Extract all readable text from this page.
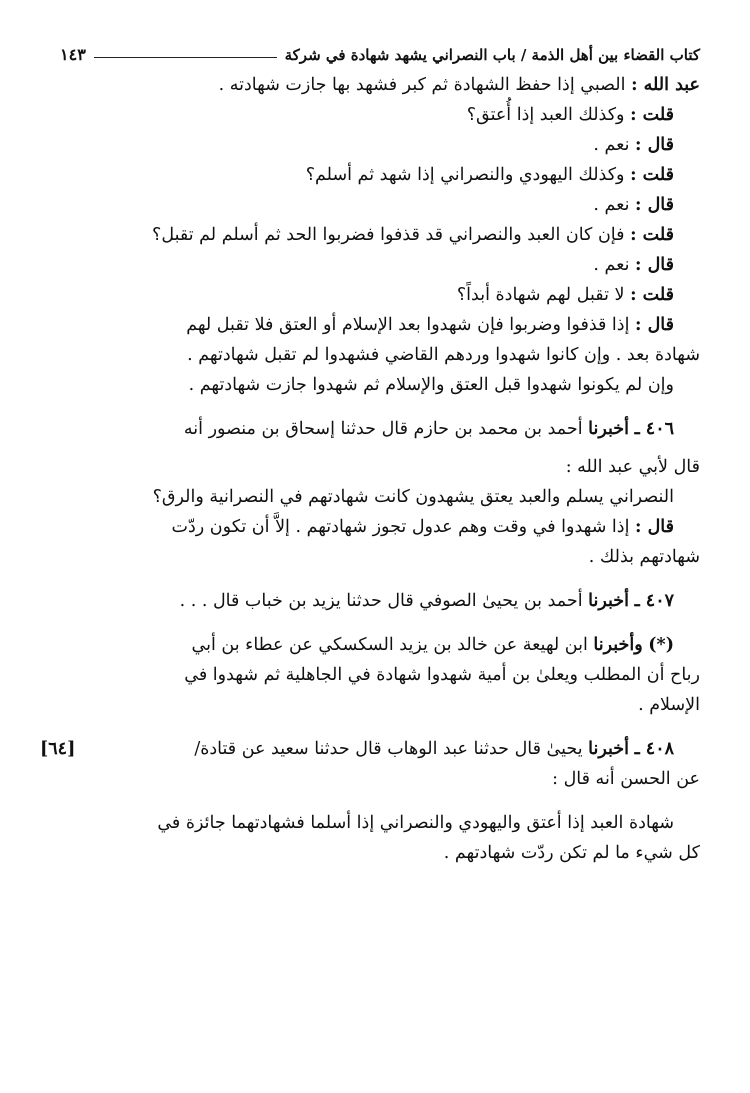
كتاب القضاء بين أهل الذمة / باب النصراني يشهد شهادة في شركة
١٤٣
عبد الله : الصبي إذا حفظ الشهادة ثم كبر فشهد بها جازت شهادته .
قلت : وكذلك العبد إذا أُعتق؟
قال : نعم .
قلت : وكذلك اليهودي والنصراني إذا شهد ثم أسلم؟
قال : نعم .
قلت : فإن كان العبد والنصراني قد قذفوا فضربوا الحد ثم أسلم لم تقبل؟
قال : نعم .
قلت : لا تقبل لهم شهادة أبداً؟
قال : إذا قذفوا وضربوا فإن شهدوا بعد الإسلام أو العتق فلا تقبل لهم
شهادة بعد . وإن كانوا شهدوا وردهم القاضي فشهدوا لم تقبل شهادتهم .
وإن لم يكونوا شهدوا قبل العتق والإسلام ثم شهدوا جازت شهادتهم .
٤٠٦ ـ أخبرنا أحمد بن محمد بن حازم قال حدثنا إسحاق بن منصور أنه
قال لأبي عبد الله :
النصراني يسلم والعبد يعتق يشهدون كانت شهادتهم في النصرانية والرق؟
قال : إذا شهدوا في وقت وهم عدول تجوز شهادتهم . إلاَّ أن تكون ردّت
شهادتهم بذلك .
٤٠٧ ـ أخبرنا أحمد بن يحيىٰ الصوفي قال حدثنا يزيد بن خباب قال . . .
(*) وأخبرنا ابن لهيعة عن خالد بن يزيد السكسكي عن عطاء بن أبي
رباح أن المطلب ويعلىٰ بن أمية شهدوا شهادة في الجاهلية ثم شهدوا في
الإسلام .
٤٠٨ ـ أخبرنا يحيىٰ قال حدثنا عبد الوهاب قال حدثنا سعيد عن قتادة/
[٦٤]
عن الحسن أنه قال :
شهادة العبد إذا أعتق واليهودي والنصراني إذا أسلما فشهادتهما جائزة في
كل شيء ما لم تكن ردّت شهادتهم .
